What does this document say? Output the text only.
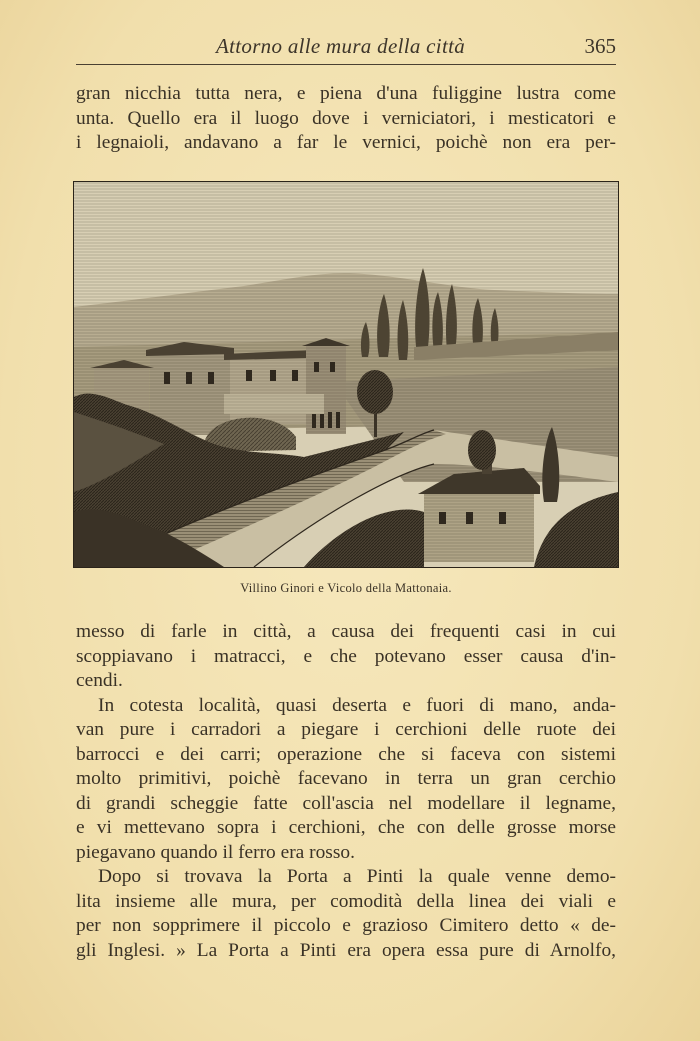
Attorno alle mura della città	365
gran nicchia tutta nera, e piena d'una fuliggine lustra come
unta. Quello era il luogo dove i verniciatori, i mesticatori e
i legnaioli, andavano a far le vernici, poichè non era per-
Villino Ginori e Vicolo della Mattonaia.
messo di farle in città, a causa dei frequenti casi in cui
scoppiavano i matracci, e che potevano esser causa d'in-
cendi.
In cotesta località, quasi deserta e fuori di mano, anda-
van pure i carradori a piegare i cerchioni delle ruote dei
barrocci e dei carri; operazione che si faceva con sistemi
molto primitivi, poichè facevano in terra un gran cerchio
di grandi scheggie fatte coll'ascia nel modellare il legname,
e vi mettevano sopra i cerchioni, che con delle grosse morse
piegavano quando il ferro era rosso.
Dopo si trovava la Porta a Pinti la quale venne demo-
lita insieme alle mura, per comodità della linea dei viali e
per non sopprimere il piccolo e grazioso Cimitero detto « de-
gli Inglesi. » La Porta a Pinti era opera essa pure di Arnolfo,
